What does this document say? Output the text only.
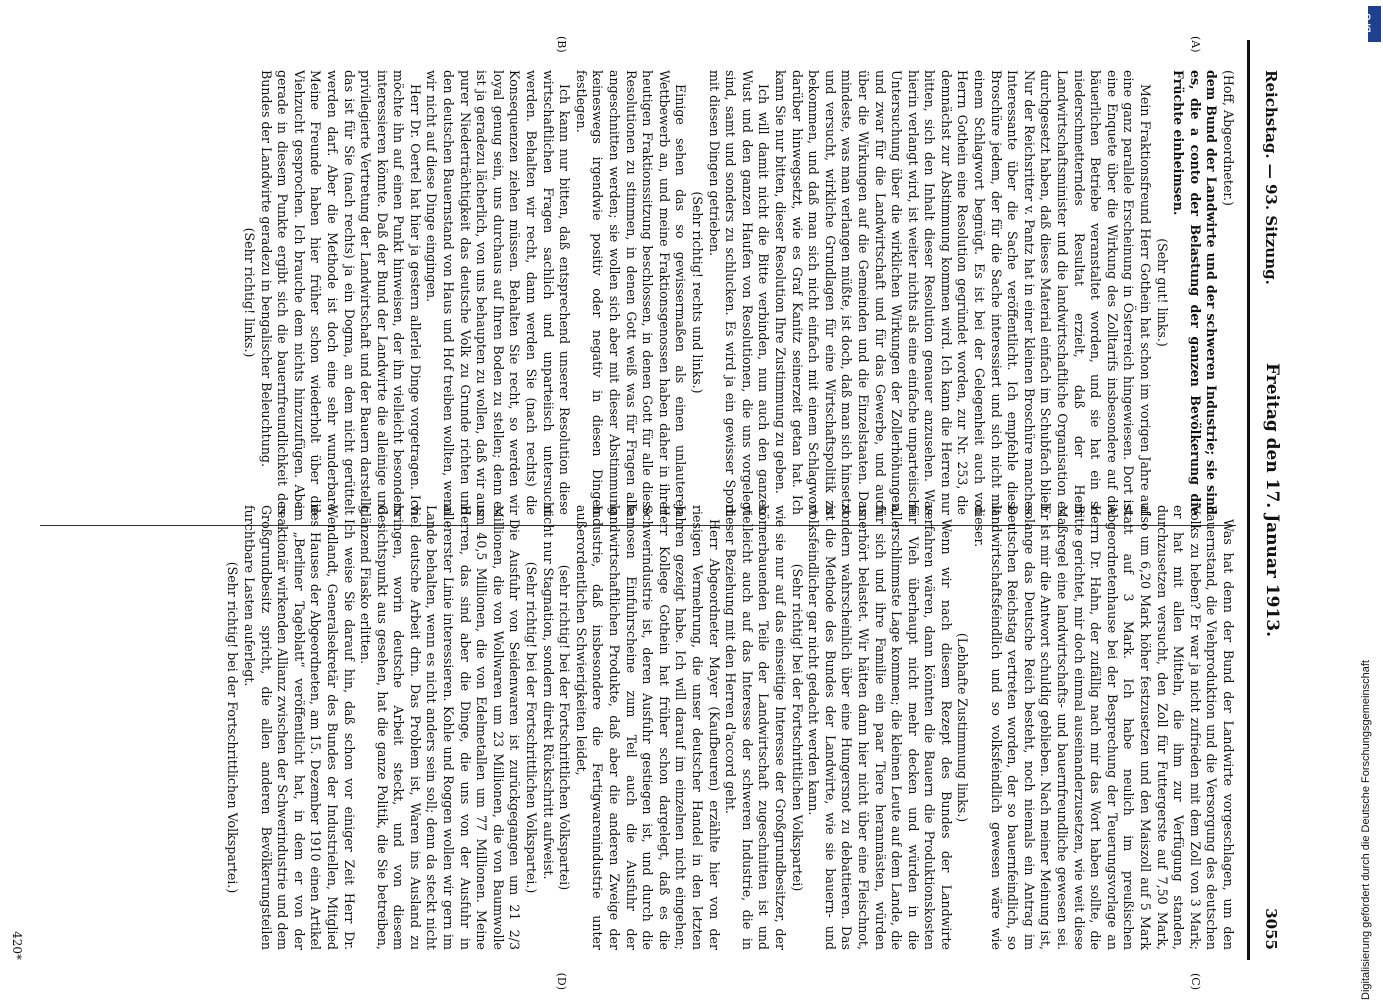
Reichstag. — 93. Sitzung.
Freitag den 17. Januar 1913.
3055
(A)
(B)
(C)
(D)

(Hoff, Abgeordneter.)

dem Bund der Landwirte und der schweren Industrie; sie sind es, die a conto der Belastung der ganzen Bevölkerung die Früchte einheimsen.

(Sehr gut! links.)

Mein Fraktionsfreund Herr Gothein hat schon im vorigen Jahre auf eine ganz parallele Erscheinung in Österreich hingewiesen. Dort ist eine Enquete über die Wirkung des Zolltarifs insbesondere auf die bäuerlichen Betriebe veranstaltet worden, und sie hat ein so niederschmetterndes Resultat erzielt, daß der Herr Landwirtschaftsminister und die landwirtschaftliche Organisation es durchgesetzt haben, daß dieses Material einfach im Schubfach blieb. Nur der Reichsritter v. Pantz hat in einer kleinen Broschüre manches Interessante über die Sache veröffentlicht. Ich empfehle diese Broschüre jedem, der für die Sache interessiert und sich nicht mit einem Schlagwort begnügt. Es ist bei der Gelegenheit auch von Herrn Gothein eine Resolution gegründet worden, zur Nr. 253, die demnächst zur Abstimmung kommen wird. Ich kann die Herren nur bitten, sich den Inhalt dieser Resolution genauer anzusehen. Was hierin verlangt wird, ist weiter nichts als eine einfache unparteiische Untersuchung über die wirklichen Wirkungen der Zollerhöhungen, und zwar für die Landwirtschaft und für das Gewerbe, und auch über die Wirkungen auf die Gemeinden und die Einzelstaaten. Das mindeste, was man verlangen müßte, ist doch, daß man sich hinsetzt und versucht, wirkliche Grundlagen für eine Wirtschaftspolitik zu bekommen, und daß man sich nicht einfach mit einem Schlagwort darüber hinwegsetzt, wie es Graf Kanitz seinerzeit getan hat. Ich kann Sie nur bitten, dieser Resolution Ihre Zustimmung zu geben.

Ich will damit nicht die Bitte verbinden, nun auch den ganzen Wust und den ganzen Haufen von Resolutionen, die uns vorgelegt sind, samt und sonders zu schlucken. Es wird ja ein gewisser Sport mit diesen Dingen getrieben.

(Sehr richtig! rechts und links.)

Einige sehen das so gewissermaßen als einen unlauteren Wettbewerb an, und meine Fraktionsgenossen haben daher in ihrer heutigen Fraktionssitzung beschlossen, in denen Gott für alle diese Resolutionen zu stimmen, in denen Gott weiß was für Fragen alle angeschnitten werden; sie wollen sich aber mit dieser Abstimmung keineswegs irgendwie positiv oder negativ in diesen Dingen festlegen.

Ich kann nur bitten, daß entsprechend unserer Resolution diese wirtschaftlichen Fragen sachlich und unparteiisch untersucht werden. Behalten wir recht, dann werden Sie (nach rechts) die Konsequenzen ziehen müssen. Behalten Sie recht, so werden wir loyal genug sein, uns durchaus auf Ihren Boden zu stellen; denn es ist ja geradezu lächerlich, von uns behaupten zu wollen, daß wir aus purer Niederträchtigkeit das deutsche Volk zu Grunde richten und den deutschen Bauernstand von Haus und Hof treiben wollten, wenn wir nicht auf diese Dinge eingingen.

Herr Dr. Oertel hat hier ja gestern allerlei Dinge vorgetragen. Ich möchte ihn auf einen Punkt hinweisen, der ihn vielleicht besonders interessieren könnte. Daß der Bund der Landwirte die alleinige und privilegierte Vertretung der Landwirtschaft und der Bauern darstellt, das ist für Sie (nach rechts) ja ein Dogma, an dem nicht gerüttelt werden darf. Aber die Methode ist doch eine sehr wunderbare. Meine Freunde haben hier früher schon wiederholt über die Viehzucht gesprochen. Ich brauche dem nichts hinzuzufügen. Aber gerade in diesem Punkte ergibt sich die bauernfreundlichkeit des Bundes der Landwirte geradezu in bengalischer Beleuchtung.

(Sehr richtig! links.)

Was hat denn der Bund der Landwirte vorgeschlagen, um den Bauernstand, die Viehproduktion und die Versorgung des deutschen Volks zu heben? Er war ja nicht zufrieden mit dem Zoll von 3 Mark; er hat mit allen Mitteln, die ihm zur Verfügung standen, durchzusetzen versucht, den Zoll für Futtergerste auf 7,50 Mark, also um 6,20 Mark höher festzusetzen und den Maiszoll auf 5 Mark statt auf 3 Mark. Ich habe neulich im preußischen Abgeordnetenhause bei der Besprechung der Teuerungsvorlage an Herrn Dr. Hahn, der zufällig nach mir das Wort haben sollte, die Bitte gerichtet, mir doch einmal auseinanderzusetzen, wie weit diese Maßregel eine landwirtschafts- und bauernfreundliche gewesen sei. Er ist mir die Antwort schuldig geblieben. Nach meiner Meinung ist, solange das Deutsche Reich besteht, noch niemals ein Antrag im Deutschen Reichstag vertreten worden, der so bauernfeindlich, so landwirtschaftsfeindlich und so volksfeindlich gewesen wäre wie dieser.

(Lebhafte Zustimmung links.)

Wenn wir nach diesem Rezept des Bundes der Landwirte verfahren wären, dann könnten die Bauern die Produktionskosten für Vieh überhaupt nicht mehr decken und würden in die allerschlimmste Lage kommen; die kleinen Leute auf dem Lande, die für sich und ihre Familie ein paar Tiere heranmästen, würden unerhört belastet. Wir hätten dann hier nicht über eine Fleischnot, sondern wahrscheinlich über eine Hungersnot zu debattieren. Das ist die Methode des Bundes der Landwirte, wie sie bauern- und volksfeindlicher gar nicht gedacht werden kann.

(Sehr richtig! bei der Fortschrittlichen Volkspartei)

wie sie nur auf das einseitige Interesse der Großgrundbesitzer, der körnerbauenden Teile der Landwirtschaft zugeschnitten ist und vielleicht auch auf das Interesse der schweren Industrie, die in dieser Beziehung mit den Herren d'accord geht.

Herr Abgeordneter Mayer (Kaufbeuren) erzählte hier von der riesigen Vermehrung, die unser deutscher Handel in den letzten Jahren gezeigt habe. Ich will darauf im einzelnen nicht eingehen; Herr Kollege Gothein hat früher schon dargelegt, daß es die Schwerindustrie ist, deren Ausfuhr gestiegen ist, und durch die famosen Einfuhrscheine zum Teil auch die Ausfuhr der landwirtschaftlichen Produkte, daß aber die anderen Zweige der Industrie, daß insbesondere die Fertigwarenindustrie unter außerordentlichen Schwierigkeiten leidet,

(sehr richtig! bei der Fortschrittlichen Volkspartei)

nicht nur Stagnation, sondern direkt Rückschritt aufweist.

(Sehr richtig! bei der Fortschrittlichen Volkspartei.)

Die Ausfuhr von Seidenwaren ist zurückgegangen um 21 2/3 Millionen, die von Wollwaren um 23 Millionen, die von Baumwolle um 40,5 Millionen, die von Edelmetallen um 77 Millionen. Meine Herren, das sind aber die Dinge, die uns von der Ausfuhr in allererster Linie interessieren. Kohle und Roggen wollen wir gern im Lande behalten, wenn es nicht anders sein soll; denn da steckt nicht viel deutsche Arbeit drin. Das Problem ist, Waren ins Ausland zu bringen, worin deutsche Arbeit steckt, und von diesem Gesichtspunkt aus gesehen, hat die ganze Politik, die Sie betreiben, glänzend Fiasko erlitten.

Ich weise Sie darauf hin, daß schon vor einiger Zeit Herr Dr. Wendlandt, Generalsekretär des Bundes der Industriellen, Mitglied des Hauses der Abgeordneten, am 15. Dezember 1910 einen Artikel im „Berliner Tageblatt“ veröffentlicht hat, in dem er von der reaktionär wirkenden Allianz zwischen der Schwerindustrie und dem Großgrundbesitz spricht, die allen anderen Bevölkerungsteilen furchtbare Lasten auferlegt.

(Sehr richtig! bei der Fortschrittlichen Volkspartei.)

420*	Digitalisierung gefördert durch die Deutsche Forschungsgemeinschaft
DFG
